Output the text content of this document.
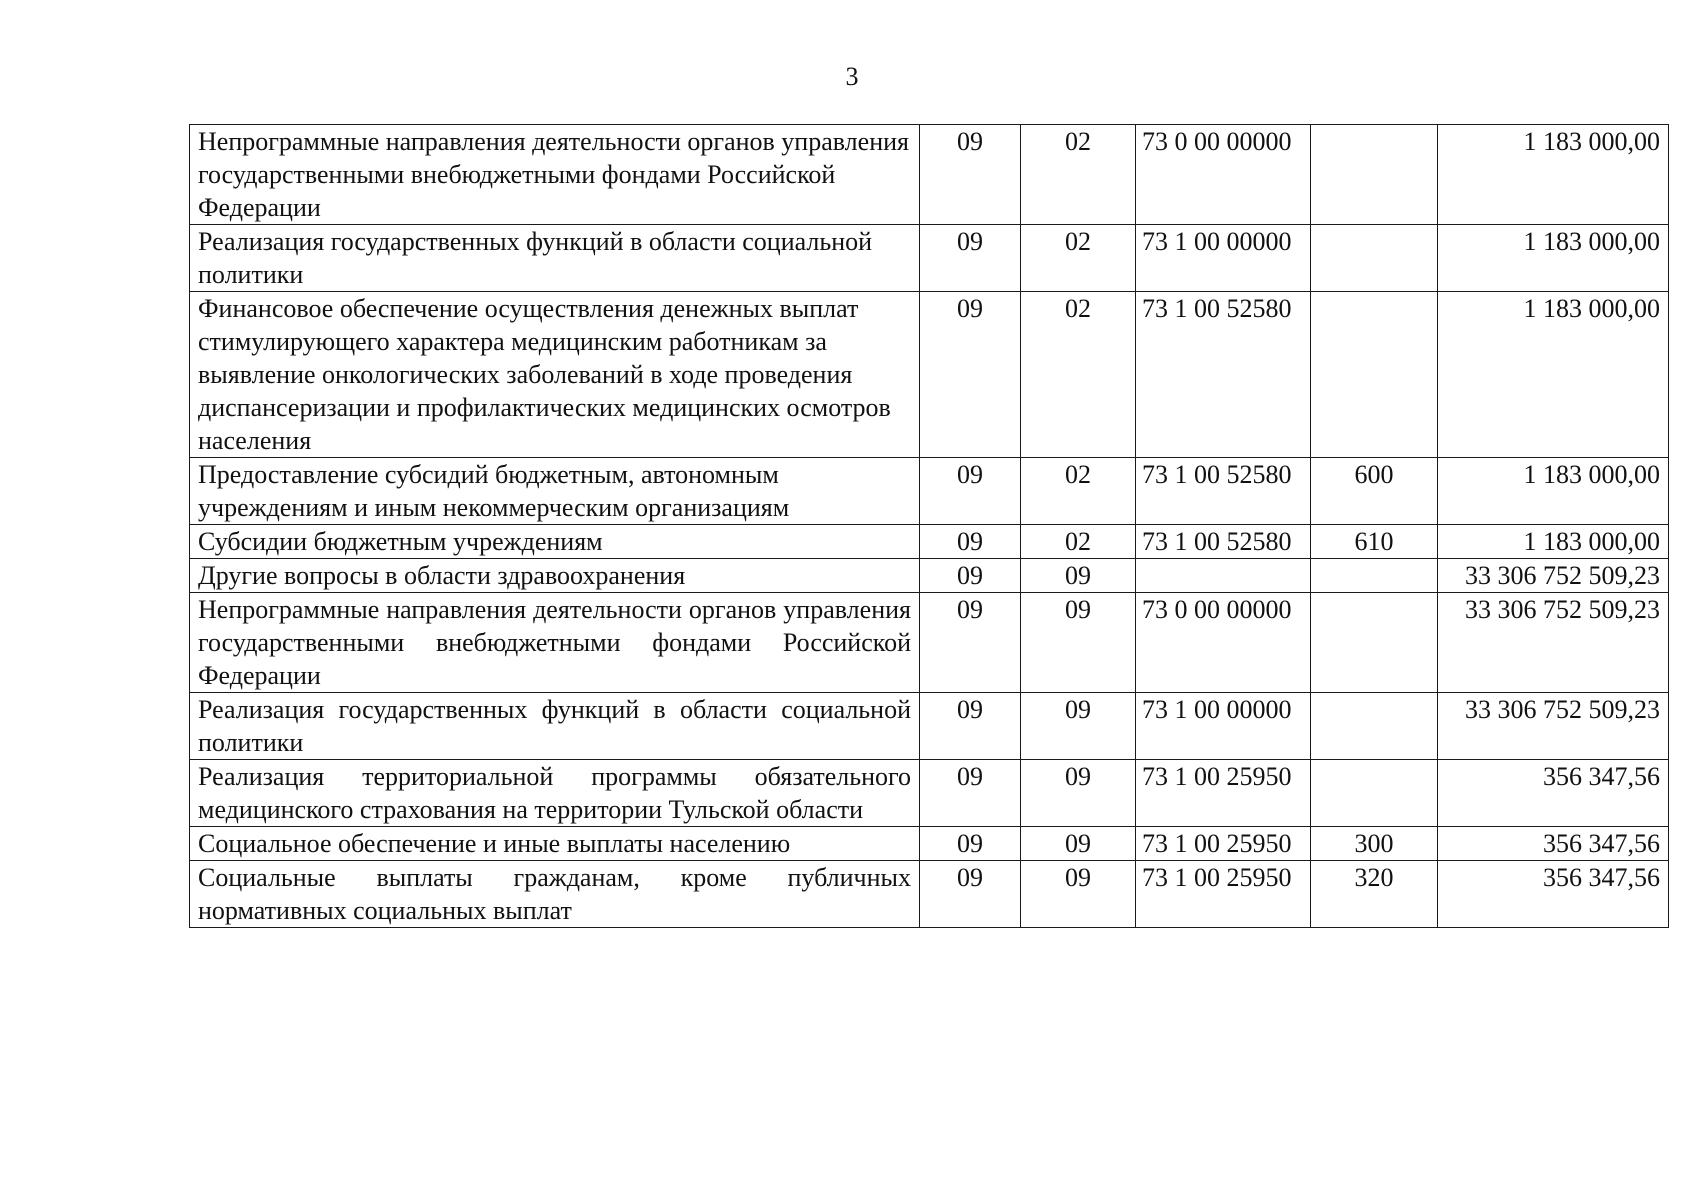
3
Непрограммные направления деятельности органов управления государственными внебюджетными фондами Российской Федерации	09	02	73 0 00 00000		1 183 000,00
Реализация государственных функций в области социальной политики	09	02	73 1 00 00000		1 183 000,00
Финансовое обеспечение осуществления денежных выплат стимулирующего характера медицинским работникам за выявление онкологических заболеваний в ходе проведения диспансеризации и профилактических медицинских осмотров населения	09	02	73 1 00 52580		1 183 000,00
Предоставление субсидий бюджетным, автономным учреждениям и иным некоммерческим организациям	09	02	73 1 00 52580	600	1 183 000,00
Субсидии бюджетным учреждениям	09	02	73 1 00 52580	610	1 183 000,00
Другие вопросы в области здравоохранения	09	09			33 306 752 509,23
Непрограммные направления деятельности органов управления государственными внебюджетными фондами Российской Федерации	09	09	73 0 00 00000		33 306 752 509,23
Реализация государственных функций в области социальной политики	09	09	73 1 00 00000		33 306 752 509,23
Реализация территориальной программы обязательного медицинского страхования на территории Тульской области	09	09	73 1 00 25950		356 347,56
Социальное обеспечение и иные выплаты населению	09	09	73 1 00 25950	300	356 347,56
Социальные выплаты гражданам, кроме публичных нормативных социальных выплат	09	09	73 1 00 25950	320	356 347,56
